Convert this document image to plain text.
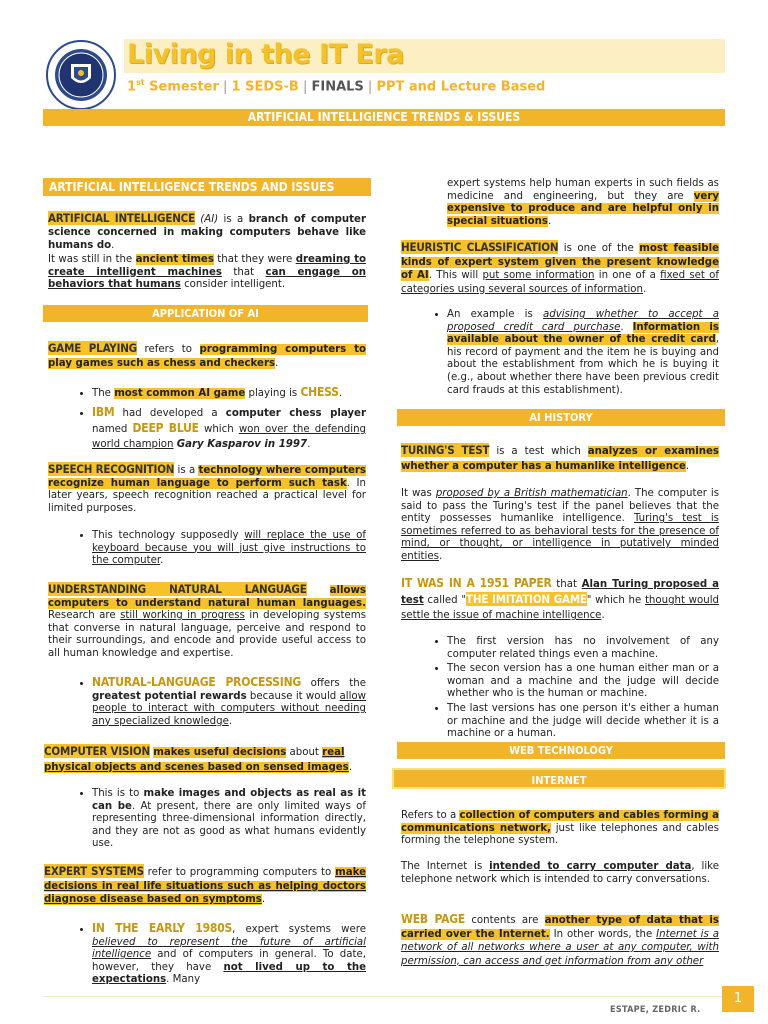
Living in the IT Era
1st Semester | 1 SEDS-B | FINALS | PPT and Lecture Based
ARTIFICIAL INTELLIGIENCE TRENDS & ISSUES
ARTIFICIAL INTELLIGENCE TRENDS AND ISSUES

ARTIFICIAL INTELLIGENCE (AI) is a branch of computer science concerned in making computers behave like humans do.

It was still in the ancient times that they were dreaming to create intelligent machines that can engage on behaviors that humans consider intelligent.

APPLICATION OF AI

GAME PLAYING refers to programming computers to play games such as chess and checkers.

• The most common AI game playing is CHESS.
• IBM had developed a computer chess player named DEEP BLUE which won over the defending world champion Gary Kasparov in 1997.

SPEECH RECOGNITION is a technology where computers recognize human language to perform such task. In later years, speech recognition reached a practical level for limited purposes.

• This technology supposedly will replace the use of keyboard because you will just give instructions to the computer.

UNDERSTANDING NATURAL LANGUAGE allows computers to understand natural human languages. Research are still working in progress in developing systems that converse in natural language, perceive and respond to their surroundings, and encode and provide useful access to all human knowledge and expertise.

• NATURAL-LANGUAGE PROCESSING offers the greatest potential rewards because it would allow people to interact with computers without needing any specialized knowledge.

COMPUTER VISION makes useful decisions about real physical objects and scenes based on sensed images.

• This is to make images and objects as real as it can be. At present, there are only limited ways of representing three-dimensional information directly, and they are not as good as what humans evidently use.

EXPERT SYSTEMS refer to programming computers to make decisions in real life situations such as helping doctors diagnose disease based on symptoms.

• IN THE EARLY 1980S, expert systems were believed to represent the future of artificial intelligence and of computers in general. To date, however, they have not lived up to the expectations. Many

expert systems help human experts in such fields as medicine and engineering, but they are very expensive to produce and are helpful only in special situations.

HEURISTIC CLASSIFICATION is one of the most feasible kinds of expert system given the present knowledge of AI. This will put some information in one of a fixed set of categories using several sources of information.

• An example is advising whether to accept a proposed credit card purchase. Information is available about the owner of the credit card, his record of payment and the item he is buying and about the establishment from which he is buying it (e.g., about whether there have been previous credit card frauds at this establishment).
AI HISTORY

TURING'S TEST is a test which analyzes or examines whether a computer has a humanlike intelligence.

It was proposed by a British mathematician. The computer is said to pass the Turing's test if the panel believes that the entity possesses humanlike intelligence. Turing's test is sometimes referred to as behavioral tests for the presence of mind, or thought, or intelligence in putatively minded entities.

IT WAS IN A 1951 PAPER that Alan Turing proposed a test called "THE IMITATION GAME" which he thought would settle the issue of machine intelligence.

• The first version has no involvement of any computer related things even a machine.
• The secon version has a one human either man or a woman and a machine and the judge will decide whether who is the human or machine.
• The last versions has one person it's either a human or machine and the judge will decide whether it is a machine or a human.
WEB TECHNOLOGY
INTERNET

Refers to a collection of computers and cables forming a communications network, just like telephones and cables forming the telephone system.

The Internet is intended to carry computer data, like telephone network which is intended to carry conversations.

WEB PAGE contents are another type of data that is carried over the Internet. In other words, the Internet is a network of all networks where a user at any computer, with permission, can access and get information from any other

ESTAPE, ZEDRIC R.
1
